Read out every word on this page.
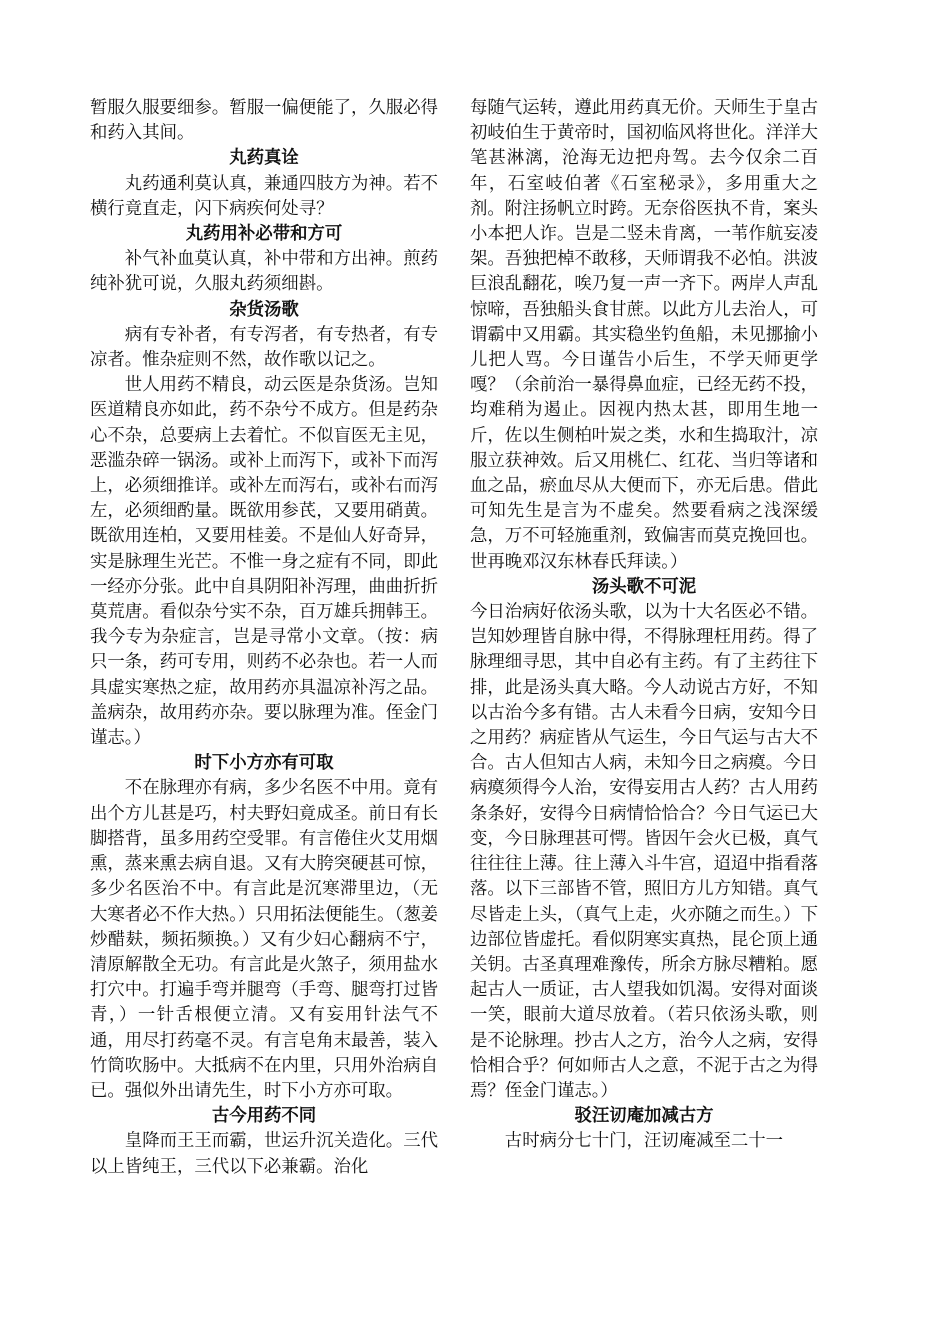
暂服久服要细参。暂服一偏便能了，久服必得和药入其间。

丸药真诠

丸药通利莫认真，兼通四肢方为神。若不横行竟直走，闪下病疾何处寻？

丸药用补必带和方可

补气补血莫认真，补中带和方出神。煎药纯补犹可说，久服丸药须细斟。

杂货汤歌

病有专补者，有专泻者，有专热者，有专凉者。惟杂症则不然，故作歌以记之。

世人用药不精良，动云医是杂货汤。岂知医道精良亦如此，药不杂兮不成方。但是药杂心不杂，总要病上去着忙。不似盲医无主见，恶滥杂碎一锅汤。或补上而泻下，或补下而泻上，必须细推详。或补左而泻右，或补右而泻左，必须细酌量。既欲用参芪，又要用硝黄。既欲用连柏，又要用桂姜。不是仙人好奇异，实是脉理生光芒。不惟一身之症有不同，即此一经亦分张。此中自具阴阳补泻理，曲曲折折莫荒唐。看似杂兮实不杂，百万雄兵拥韩王。我今专为杂症言，岂是寻常小文章。（按：病只一条，药可专用，则药不必杂也。若一人而具虚实寒热之症，故用药亦具温凉补泻之品。盖病杂，故用药亦杂。要以脉理为准。侄金门谨志。）

时下小方亦有可取

不在脉理亦有病，多少名医不中用。竟有出个方儿甚是巧，村夫野妇竟成圣。前日有长脚搭背，虽多用药空受罪。有言倦住火艾用烟熏，蒸来熏去病自退。又有大胯突硬甚可惊，多少名医治不中。有言此是沉寒滞里边，（无大寒者必不作大热。）只用拓法便能生。（葱姜炒醋麸，频拓频换。）又有少妇心翻病不宁，清原解散全无功。有言此是火煞子，须用盐水打穴中。打遍手弯并腿弯（手弯、腿弯打过皆青，）一针舌根便立清。又有妄用针法气不通，用尽打药毫不灵。有言皂角末最善，装入竹筒吹肠中。大抵病不在内里，只用外治病自已。强似外出请先生，时下小方亦可取。

古今用药不同

皇降而王王而霸，世运升沉关造化。三代以上皆纯王，三代以下必兼霸。治化

每随气运转，遵此用药真无价。天师生于皇古初岐伯生于黄帝时，国初临风将世化。洋洋大笔甚淋漓，沧海无边把舟驾。去今仅余二百年，石室岐伯著《石室秘录》，多用重大之剂。附注扬帆立时跨。无奈俗医执不肯，案头小本把人诈。岂是二竖未肯离，一苇作航妄凌架。吾独把棹不敢移，天师谓我不必怕。洪波巨浪乱翻花，唉乃复一声一齐下。两岸人声乱惊啼，吾独船头食甘蔗。以此方儿去治人，可谓霸中又用霸。其实稳坐钓鱼船，未见挪揄小儿把人骂。今日谨告小后生，不学天师更学嘎？（余前治一暴得鼻血症，已经无药不投，均难稍为遏止。因视内热太甚，即用生地一斤，佐以生侧柏叶炭之类，水和生捣取汁，凉服立获神效。后又用桃仁、红花、当归等诸和血之品，瘀血尽从大便而下，亦无后患。借此可知先生是言为不虚矣。然要看病之浅深缓急，万不可轻施重剂，致偏害而莫克挽回也。世再晚邓汉东林春氏拜读。）

汤头歌不可泥

今日治病好依汤头歌，以为十大名医必不错。岂知妙理皆自脉中得，不得脉理枉用药。得了脉理细寻思，其中自必有主药。有了主药往下排，此是汤头真大略。今人动说古方好，不知以古治今多有错。古人未看今日病，安知今日之用药？病症皆从气运生，今日气运与古大不合。古人但知古人病，未知今日之病瘼。今日病瘼须得今人治，安得妄用古人药？古人用药条条好，安得今日病情恰恰合？今日气运已大变，今日脉理甚可愕。皆因午会火已极，真气往往往上薄。往上薄入斗牛宫，迢迢中指看落落。以下三部皆不管，照旧方儿方知错。真气尽皆走上头，（真气上走，火亦随之而生。）下边部位皆虚托。看似阴寒实真热，昆仑顶上通关钥。古圣真理难豫传，所余方脉尽糟粕。愿起古人一质证，古人望我如饥渴。安得对面谈一笑，眼前大道尽放着。（若只依汤头歌，则是不论脉理。抄古人之方，治今人之病，安得恰相合乎？何如师古人之意，不泥于古之为得焉？侄金门谨志。）

驳汪讱庵加减古方

古时病分七十门，汪讱庵减至二十一
